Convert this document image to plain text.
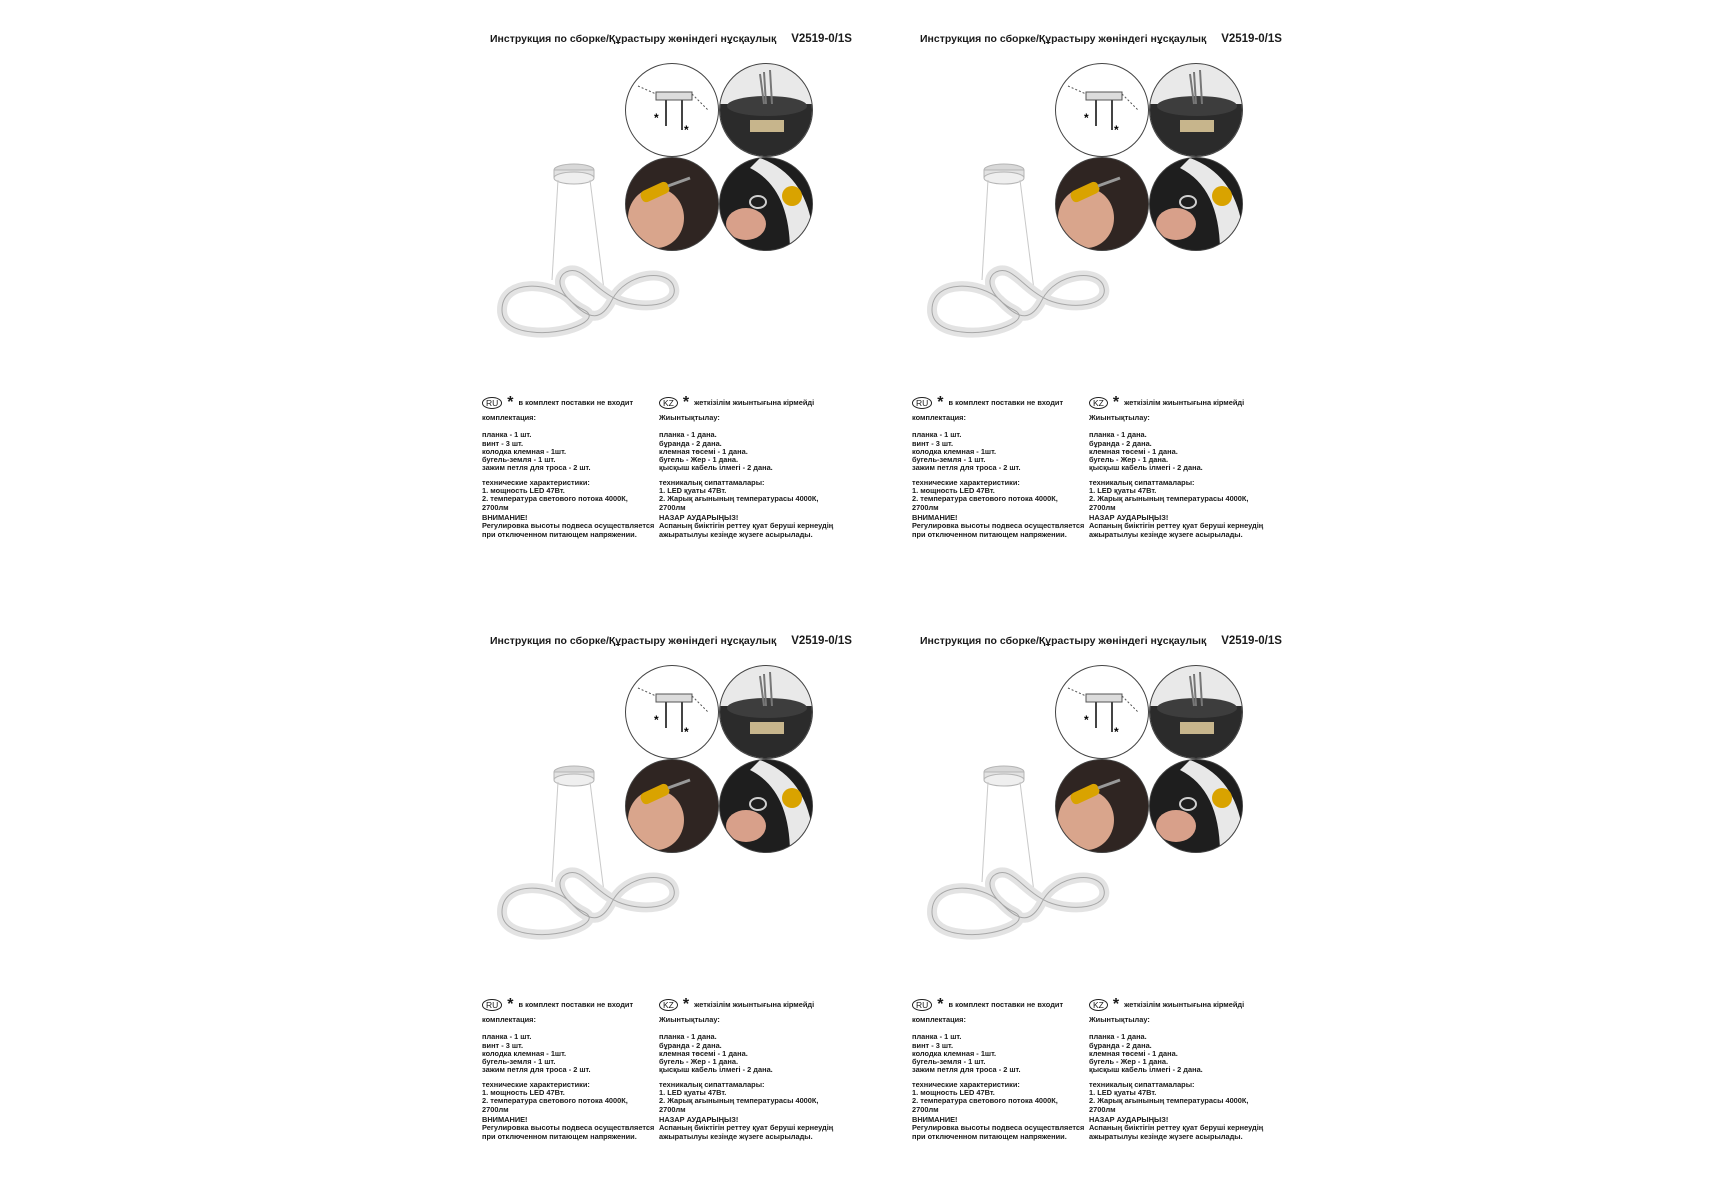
Инструкция по сборке/Құрастыру жөніндегі нұсқаулық V2519-0/1S
*
*
RU * в комплект поставки не входит
комплектация:
планка - 1 шт.
винт - 3 шт.
колодка клемная - 1шт.
бугель-земля - 1 шт.
зажим петля для троса - 2 шт.
технические характеристики:
1. мощность LED 47Вт.
2. температура светового потока 4000К,
2700лм
ВНИМАНИЕ!
Регулировка высоты подвеса осуществляется
при отключенном питающем напряжении.
KZ * жеткізілім жиынтығына кірмейді
Жиынтықтылау:
планка - 1 дана.
бұранда - 2 дана.
клемная төсемі - 1 дана.
бугель - Жер - 1 дана.
қысқыш кабель ілмегі - 2 дана.
техникалық сипаттамалары:
1. LED қуаты 47Вт.
2. Жарық ағынының температурасы 4000К,
2700лм
НАЗАР АУДАРЫҢЫЗ!
Аспаның биіктігін реттеу қуат беруші кернеудің
ажыратылуы кезінде жүзеге асырылады.
Инструкция по сборке/Құрастыру жөніндегі нұсқаулық V2519-0/1S
*
*
RU * в комплект поставки не входит
комплектация:
планка - 1 шт.
винт - 3 шт.
колодка клемная - 1шт.
бугель-земля - 1 шт.
зажим петля для троса - 2 шт.
технические характеристики:
1. мощность LED 47Вт.
2. температура светового потока 4000К,
2700лм
ВНИМАНИЕ!
Регулировка высоты подвеса осуществляется
при отключенном питающем напряжении.
KZ * жеткізілім жиынтығына кірмейді
Жиынтықтылау:
планка - 1 дана.
бұранда - 2 дана.
клемная төсемі - 1 дана.
бугель - Жер - 1 дана.
қысқыш кабель ілмегі - 2 дана.
техникалық сипаттамалары:
1. LED қуаты 47Вт.
2. Жарық ағынының температурасы 4000К,
2700лм
НАЗАР АУДАРЫҢЫЗ!
Аспаның биіктігін реттеу қуат беруші кернеудің
ажыратылуы кезінде жүзеге асырылады.
Инструкция по сборке/Құрастыру жөніндегі нұсқаулық V2519-0/1S
*
*
RU * в комплект поставки не входит
комплектация:
планка - 1 шт.
винт - 3 шт.
колодка клемная - 1шт.
бугель-земля - 1 шт.
зажим петля для троса - 2 шт.
технические характеристики:
1. мощность LED 47Вт.
2. температура светового потока 4000К,
2700лм
ВНИМАНИЕ!
Регулировка высоты подвеса осуществляется
при отключенном питающем напряжении.
KZ * жеткізілім жиынтығына кірмейді
Жиынтықтылау:
планка - 1 дана.
бұранда - 2 дана.
клемная төсемі - 1 дана.
бугель - Жер - 1 дана.
қысқыш кабель ілмегі - 2 дана.
техникалық сипаттамалары:
1. LED қуаты 47Вт.
2. Жарық ағынының температурасы 4000К,
2700лм
НАЗАР АУДАРЫҢЫЗ!
Аспаның биіктігін реттеу қуат беруші кернеудің
ажыратылуы кезінде жүзеге асырылады.
Инструкция по сборке/Құрастыру жөніндегі нұсқаулық V2519-0/1S
*
*
RU * в комплект поставки не входит
комплектация:
планка - 1 шт.
винт - 3 шт.
колодка клемная - 1шт.
бугель-земля - 1 шт.
зажим петля для троса - 2 шт.
технические характеристики:
1. мощность LED 47Вт.
2. температура светового потока 4000К,
2700лм
ВНИМАНИЕ!
Регулировка высоты подвеса осуществляется
при отключенном питающем напряжении.
KZ * жеткізілім жиынтығына кірмейді
Жиынтықтылау:
планка - 1 дана.
бұранда - 2 дана.
клемная төсемі - 1 дана.
бугель - Жер - 1 дана.
қысқыш кабель ілмегі - 2 дана.
техникалық сипаттамалары:
1. LED қуаты 47Вт.
2. Жарық ағынының температурасы 4000К,
2700лм
НАЗАР АУДАРЫҢЫЗ!
Аспаның биіктігін реттеу қуат беруші кернеудің
ажыратылуы кезінде жүзеге асырылады.
